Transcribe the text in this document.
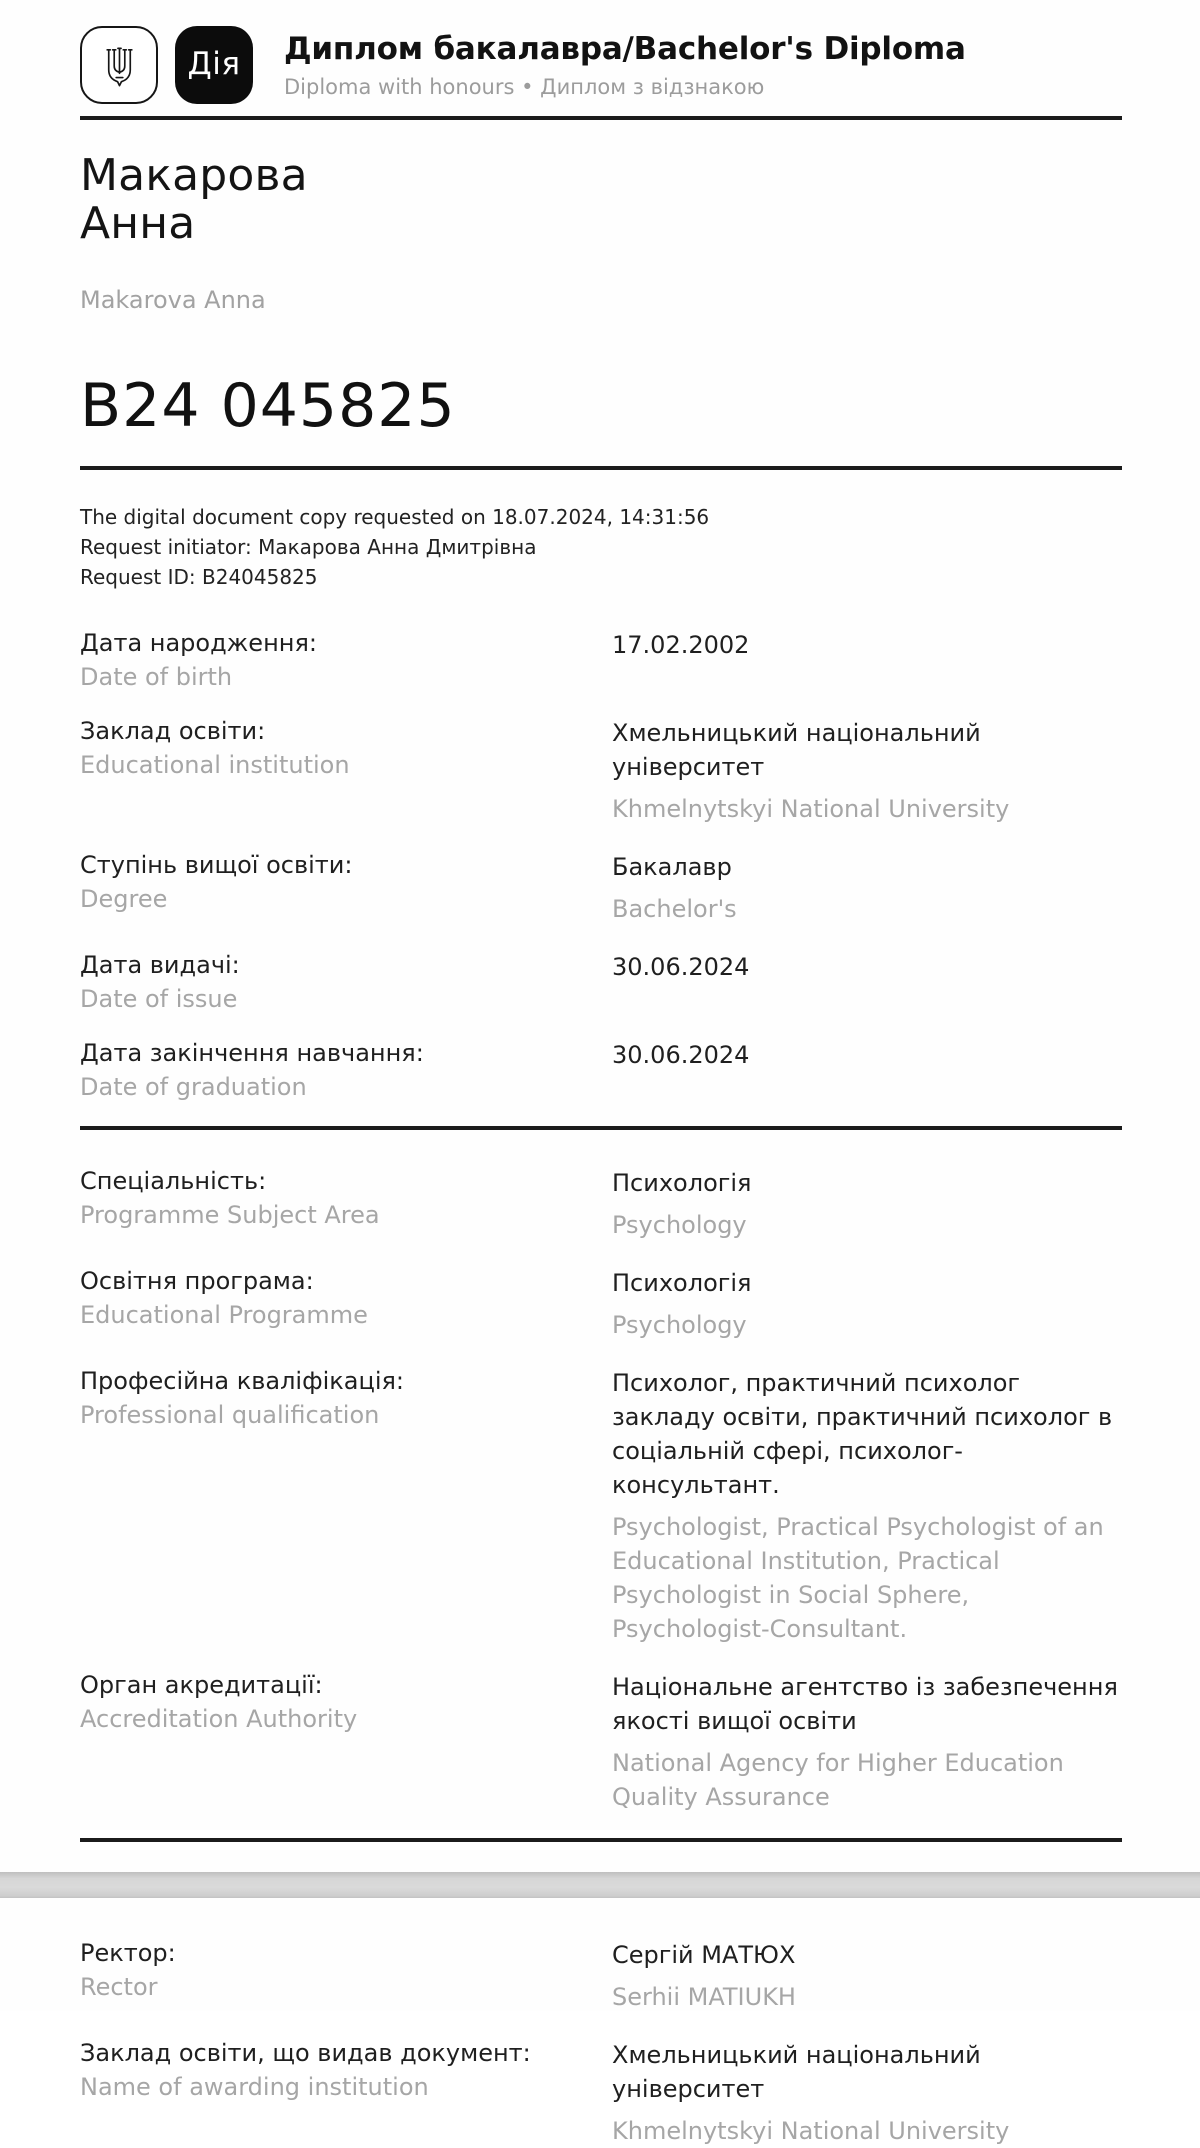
Дія Диплом бакалавра/Bachelor's Diploma
Diploma with honours • Диплом з відзнакою
Макарова
Анна
Makarova Anna
В24 045825
The digital document copy requested on 18.07.2024, 14:31:56
Request initiator: Макарова Анна Дмитрівна
Request ID: В24045825
Дата народження:
Date of birth
17.02.2002
Заклад освіти:
Educational institution
Хмельницький національний університет
Khmelnytskyi National University
Ступінь вищої освіти:
Degree
Бакалавр
Bachelor's
Дата видачі:
Date of issue
30.06.2024
Дата закінчення навчання:
Date of graduation
30.06.2024
Спеціальність:
Programme Subject Area
Психологія
Psychology
Освітня програма:
Educational Programme
Психологія
Psychology
Професійна кваліфікація:
Professional qualification
Психолог, практичний психолог закладу освіти, практичний психолог в соціальній сфері, психолог-консультант.
Psychologist, Practical Psychologist of an Educational Institution, Practical Psychologist in Social Sphere, Psychologist-Consultant.
Орган акредитації:
Accreditation Authority
Національне агентство із забезпечення якості вищої освіти
National Agency for Higher Education Quality Assurance
Ректор:
Rector
Сергій МАТЮХ
Serhii MATIUKH
Заклад освіти, що видав документ:
Name of awarding institution
Хмельницький національний університет
Khmelnytskyi National University
